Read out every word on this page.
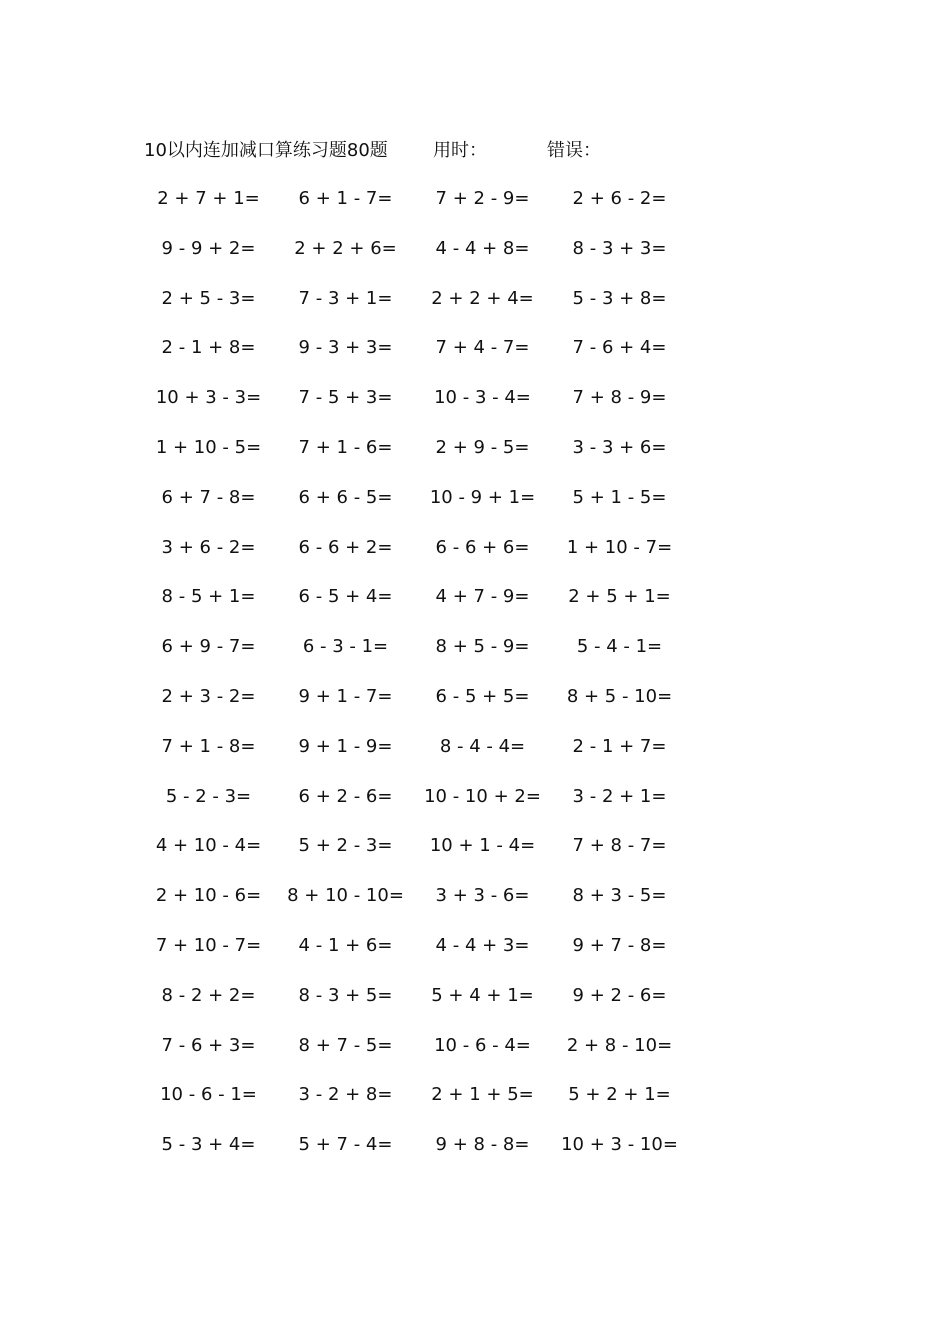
10以内连加减口算练习题80题	用时：	错误：
2 + 7 + 1=	6 + 1 - 7=	7 + 2 - 9=	2 + 6 - 2=
9 - 9 + 2=	2 + 2 + 6=	4 - 4 + 8=	8 - 3 + 3=
2 + 5 - 3=	7 - 3 + 1=	2 + 2 + 4=	5 - 3 + 8=
2 - 1 + 8=	9 - 3 + 3=	7 + 4 - 7=	7 - 6 + 4=
10 + 3 - 3=	7 - 5 + 3=	10 - 3 - 4=	7 + 8 - 9=
1 + 10 - 5=	7 + 1 - 6=	2 + 9 - 5=	3 - 3 + 6=
6 + 7 - 8=	6 + 6 - 5=	10 - 9 + 1=	5 + 1 - 5=
3 + 6 - 2=	6 - 6 + 2=	6 - 6 + 6=	1 + 10 - 7=
8 - 5 + 1=	6 - 5 + 4=	4 + 7 - 9=	2 + 5 + 1=
6 + 9 - 7=	6 - 3 - 1=	8 + 5 - 9=	5 - 4 - 1=
2 + 3 - 2=	9 + 1 - 7=	6 - 5 + 5=	8 + 5 - 10=
7 + 1 - 8=	9 + 1 - 9=	8 - 4 - 4=	2 - 1 + 7=
5 - 2 - 3=	6 + 2 - 6=	10 - 10 + 2=	3 - 2 + 1=
4 + 10 - 4=	5 + 2 - 3=	10 + 1 - 4=	7 + 8 - 7=
2 + 10 - 6=	8 + 10 - 10=	3 + 3 - 6=	8 + 3 - 5=
7 + 10 - 7=	4 - 1 + 6=	4 - 4 + 3=	9 + 7 - 8=
8 - 2 + 2=	8 - 3 + 5=	5 + 4 + 1=	9 + 2 - 6=
7 - 6 + 3=	8 + 7 - 5=	10 - 6 - 4=	2 + 8 - 10=
10 - 6 - 1=	3 - 2 + 8=	2 + 1 + 5=	5 + 2 + 1=
5 - 3 + 4=	5 + 7 - 4=	9 + 8 - 8=	10 + 3 - 10=
